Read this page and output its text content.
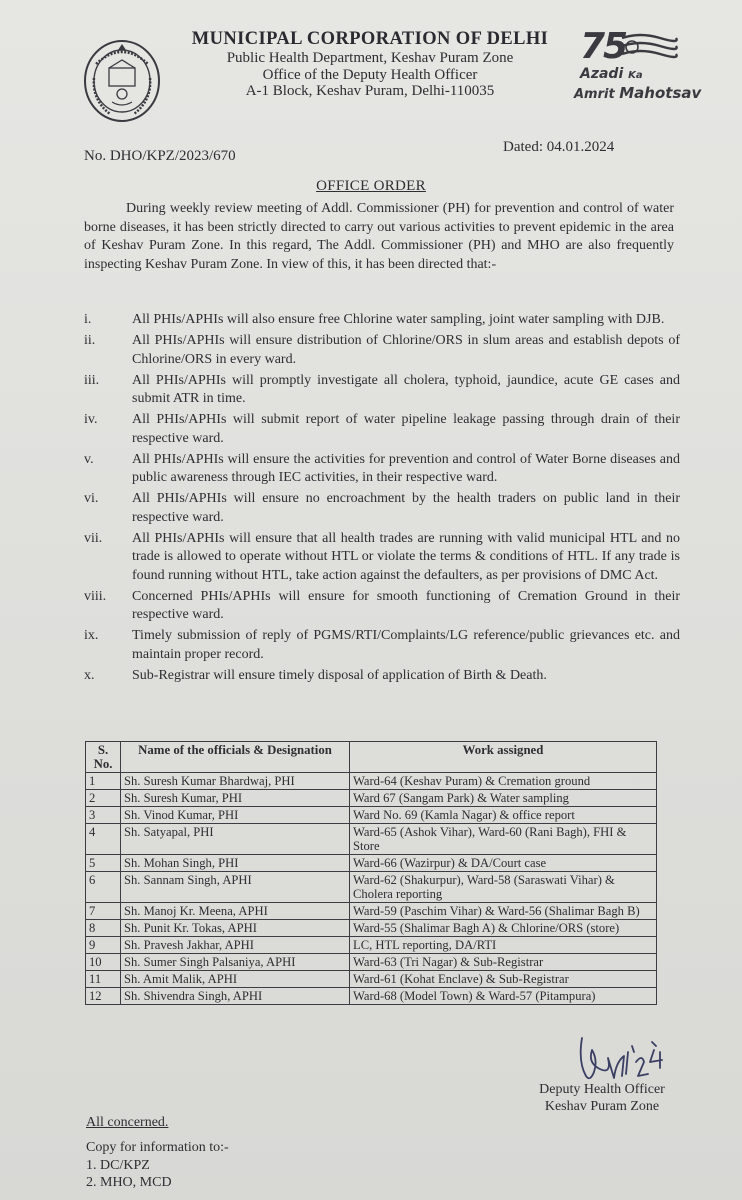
MUNICIPAL CORPORATION OF DELHI
Public Health Department, Keshav Puram Zone
Office of the Deputy Health Officer
A-1 Block, Keshav Puram, Delhi-110035
75
Azadi Ka
Amrit Mahotsav
No. DHO/KPZ/2023/670
Dated: 04.01.2024
OFFICE ORDER
During weekly review meeting of Addl. Commissioner (PH) for prevention and control of water borne diseases, it has been strictly directed to carry out various activities to prevent epidemic in the area of Keshav Puram Zone. In this regard, The Addl. Commissioner (PH) and MHO are also frequently inspecting Keshav Puram Zone. In view of this, it has been directed that:-
i.	All PHIs/APHIs will also ensure free Chlorine water sampling, joint water sampling with DJB.
ii.	All PHIs/APHIs will ensure distribution of Chlorine/ORS in slum areas and establish depots of Chlorine/ORS in every ward.
iii.	All PHIs/APHIs will promptly investigate all cholera, typhoid, jaundice, acute GE cases and submit ATR in time.
iv.	All PHIs/APHIs will submit report of water pipeline leakage passing through drain of their respective ward.
v.	All PHIs/APHIs will ensure the activities for prevention and control of Water Borne diseases and public awareness through IEC activities, in their respective ward.
vi.	All PHIs/APHIs will ensure no encroachment by the health traders on public land in their respective ward.
vii.	All PHIs/APHIs will ensure that all health trades are running with valid municipal HTL and no trade is allowed to operate without HTL or violate the terms & conditions of HTL. If any trade is found running without HTL, take action against the defaulters, as per provisions of DMC Act.
viii.	Concerned PHIs/APHIs will ensure for smooth functioning of Cremation Ground in their respective ward.
ix.	Timely submission of reply of PGMS/RTI/Complaints/LG reference/public grievances etc. and maintain proper record.
x.	Sub-Registrar will ensure timely disposal of application of Birth & Death.
S. No.	Name of the officials & Designation	Work assigned
1	Sh. Suresh Kumar Bhardwaj, PHI	Ward-64 (Keshav Puram) & Cremation ground
2	Sh. Suresh Kumar, PHI	Ward 67 (Sangam Park) & Water sampling
3	Sh. Vinod Kumar, PHI	Ward No. 69 (Kamla Nagar) & office report
4	Sh. Satyapal, PHI	Ward-65 (Ashok Vihar), Ward-60 (Rani Bagh), FHI & Store
5	Sh. Mohan Singh, PHI	Ward-66 (Wazirpur) & DA/Court case
6	Sh. Sannam Singh, APHI	Ward-62 (Shakurpur), Ward-58 (Saraswati Vihar) & Cholera reporting
7	Sh. Manoj Kr. Meena, APHI	Ward-59 (Paschim Vihar) & Ward-56 (Shalimar Bagh B)
8	Sh. Punit Kr. Tokas, APHI	Ward-55 (Shalimar Bagh A) & Chlorine/ORS (store)
9	Sh. Pravesh Jakhar, APHI	LC, HTL reporting, DA/RTI
10	Sh. Sumer Singh Palsaniya, APHI	Ward-63 (Tri Nagar) & Sub-Registrar
11	Sh. Amit Malik, APHI	Ward-61 (Kohat Enclave) & Sub-Registrar
12	Sh. Shivendra Singh, APHI	Ward-68 (Model Town) & Ward-57 (Pitampura)
Deputy Health Officer
Keshav Puram Zone
All concerned.
Copy for information to:-
1. DC/KPZ
2. MHO, MCD
